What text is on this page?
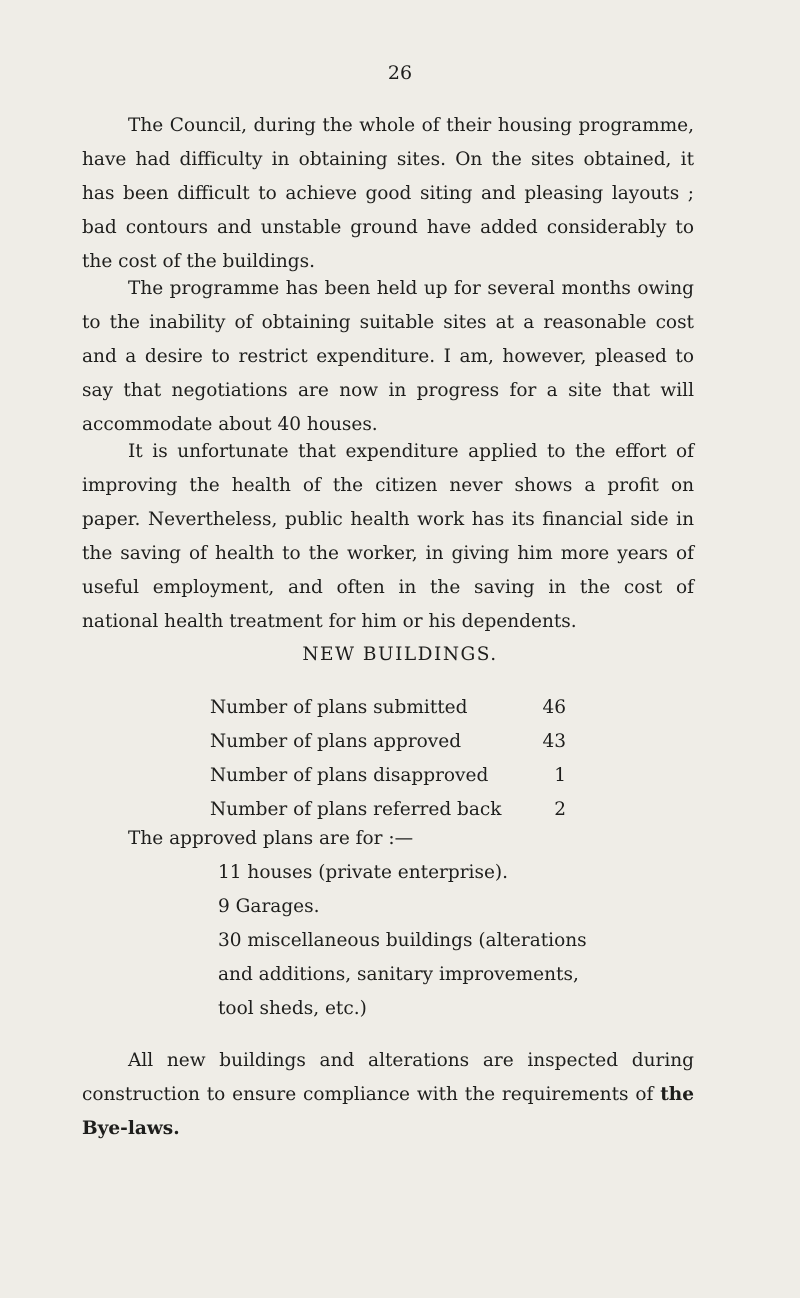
26

The Council, during the whole of their housing programme, have had difficulty in obtaining sites. On the sites obtained, it has been difficult to achieve good siting and pleasing layouts ; bad contours and unstable ground have added considerably to the cost of the buildings.

The programme has been held up for several months owing to the inability of obtaining suitable sites at a reasonable cost and a desire to restrict expenditure. I am, however, pleased to say that negotiations are now in progress for a site that will accommodate about 40 houses.

It is unfortunate that expenditure applied to the effort of improving the health of the citizen never shows a profit on paper. Nevertheless, public health work has its financial side in the saving of health to the worker, in giving him more years of useful employment, and often in the saving in the cost of national health treatment for him or his dependents.

NEW BUILDINGS.
Number of plans submitted	46
Number of plans approved	43
Number of plans disapproved	1
Number of plans referred back	2

The approved plans are for :—

11 houses (private enterprise).
9 Garages.
30 miscellaneous buildings (alterations
and additions, sanitary improvements,
tool sheds, etc.)

All new buildings and alterations are inspected during construction to ensure compliance with the requirements of the Bye-laws.
